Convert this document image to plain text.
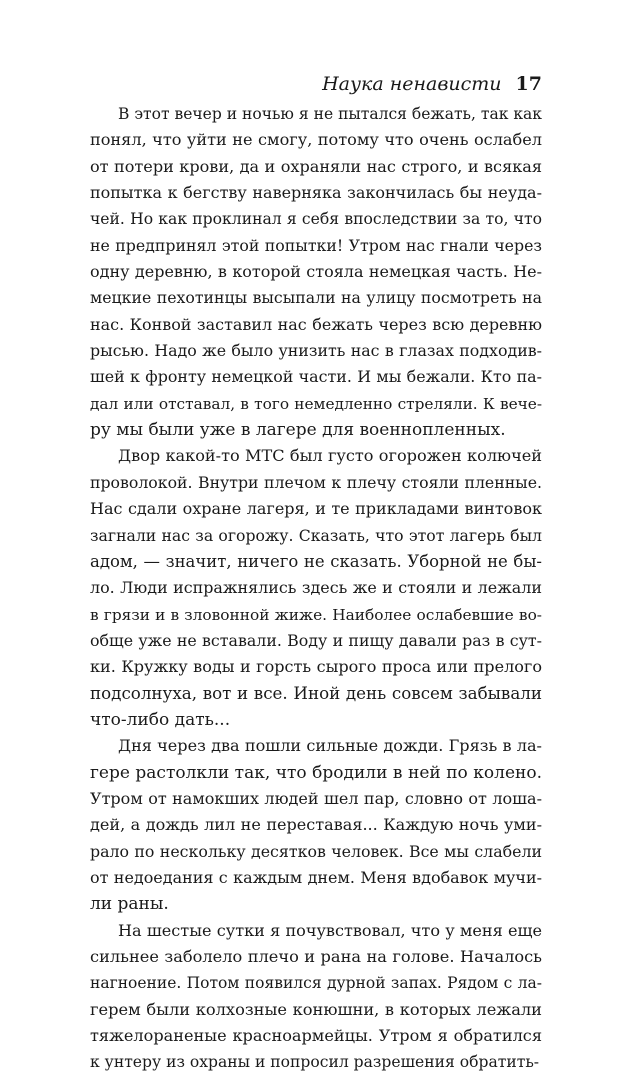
Наука ненависти 17
В этот вечер и ночью я не пытался бежать, так как
понял, что уйти не смогу, потому что очень ослабел
от потери крови, да и охраняли нас строго, и всякая
попытка к бегству наверняка закончилась бы неуда-
чей. Но как проклинал я себя впоследствии за то, что
не предпринял этой попытки! Утром нас гнали через
одну деревню, в которой стояла немецкая часть. Не-
мецкие пехотинцы высыпали на улицу посмотреть на
нас. Конвой заставил нас бежать через всю деревню
рысью. Надо же было унизить нас в глазах подходив-
шей к фронту немецкой части. И мы бежали. Кто па-
дал или отставал, в того немедленно стреляли. К вече-
ру мы были уже в лагере для военнопленных.
Двор какой-то МТС был густо огорожен колючей
проволокой. Внутри плечом к плечу стояли пленные.
Нас сдали охране лагеря, и те прикладами винтовок
загнали нас за огорожу. Сказать, что этот лагерь был
адом, — значит, ничего не сказать. Уборной не бы-
ло. Люди испражнялись здесь же и стояли и лежали
в грязи и в зловонной жиже. Наиболее ослабевшие во-
обще уже не вставали. Воду и пищу давали раз в сут-
ки. Кружку воды и горсть сырого проса или прелого
подсолнуха, вот и все. Иной день совсем забывали
что-либо дать...
Дня через два пошли сильные дожди. Грязь в ла-
гере растолкли так, что бродили в ней по колено.
Утром от намокших людей шел пар, словно от лоша-
дей, а дождь лил не переставая... Каждую ночь уми-
рало по нескольку десятков человек. Все мы слабели
от недоедания с каждым днем. Меня вдобавок мучи-
ли раны.
На шестые сутки я почувствовал, что у меня еще
сильнее заболело плечо и рана на голове. Началось
нагноение. Потом появился дурной запах. Рядом с ла-
герем были колхозные конюшни, в которых лежали
тяжелораненые красноармейцы. Утром я обратился
к унтеру из охраны и попросил разрешения обратить-
